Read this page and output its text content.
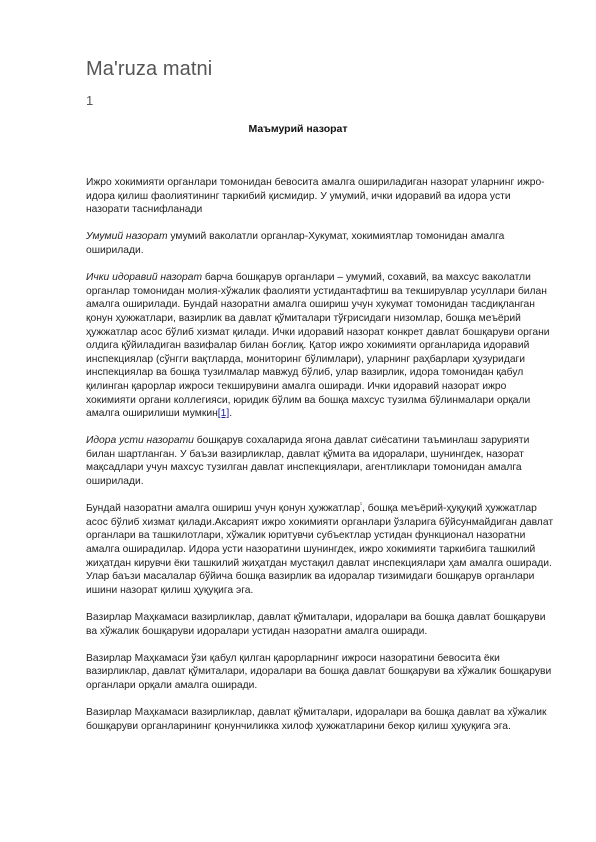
Ma'ruza matni
1
Маъмурий назорат

Ижро хокимияти органлари томонидан бевосита амалга ошириладиган назорат уларнинг ижро-идора қилиш фаолиятининг таркибий қисмидир. У умумий, ички идоравий ва идора усти назорати таснифланади

Умумий назорат умумий ваколатли органлар-Хукумат, хокимиятлар томонидан амалга оширилади.

Ички идоравий назорат барча бошқарув органлари – умумий, сохавий, ва махсус ваколатли органлар томонидан молия-хўжалик фаолияти устидантафтиш ва текширувлар усуллари билан амалга оширилади. Бундай назоратни амалга ошириш учун хукумат томонидан тасдиқланган қонун ҳужжатлари, вазирлик ва давлат қўмиталари тўғрисидаги низомлар, бошқа меъёрий ҳужжатлар асос бўлиб хизмат қилади. Ички идоравий назорат конкрет давлат бошқаруви органи олдига қўйиладиган вазифалар билан боғлиқ. Қатор ижро хокимияти органларида идоравий инспекциялар (сўнгги вақтларда, мониторинг бўлимлари), уларнинг раҳбарлари ҳузуридаги инспекциялар ва бошқа тузилмалар мавжуд бўлиб, улар вазирлик, идора томонидан қабул қилинган қарорлар ижроси текширувини амалга оширади. Ички идоравий назорат ижро хокимияти органи коллегияси, юридик бўлим ва бошқа махсус тузилма бўлинмалари орқали амалга оширилиши мумкин[1].

Идора усти назорати бошқарув сохаларида ягона давлат сиёсатини таъминлаш зарурияти билан шартланган. У баъзи вазирликлар, давлат қўмита ва идоралари, шунингдек, назорат мақсадлари учун махсус тузилган давлат инспекциялари, агентликлари томонидан амалга оширилади.

Бундай назоратни амалга ошириш учун қонун ҳужжатлар$^{^1}$, бошқа меъёрий-ҳуқуқий ҳужжатлар асос бўлиб хизмат қилади.Аксарият ижро хокимияти органлари ўзларига бўйсунмайдиган давлат органлари ва ташкилотлари, хўжалик юритувчи субъектлар устидан функционал назоратни амалга оширадилар. Идора усти назоратини шунингдек, ижро хокимияти таркибига ташкилий жиҳатдан кирувчи ёки ташкилий жиҳатдан мустақил давлат инспекциялари ҳам амалга оширади. Улар баъзи масалалар бўйича бошқа вазирлик ва идоралар тизимидаги бошқарув органлари ишини назорат қилиш ҳуқуқига эга.

Вазирлар Маҳкамаси вазирликлар, давлат қўмиталари, идоралари ва бошқа давлат бошқаруви ва хўжалик бошқаруви идоралари устидан назоратни амалга оширади.

Вазирлар Маҳкамаси ўзи қабул қилган қарорларнинг ижроси назоратини бевосита ёки вазирликлар, давлат қўмиталари, идоралари ва бошқа давлат бошқаруви ва хўжалик бошқаруви органлари орқали амалга оширади.

Вазирлар Маҳкамаси вазирликлар, давлат қўмиталари, идоралари ва бошқа давлат ва хўжалик бошқаруви органларининг қонунчиликка хилоф ҳужжатларини бекор қилиш ҳуқуқига эга.
